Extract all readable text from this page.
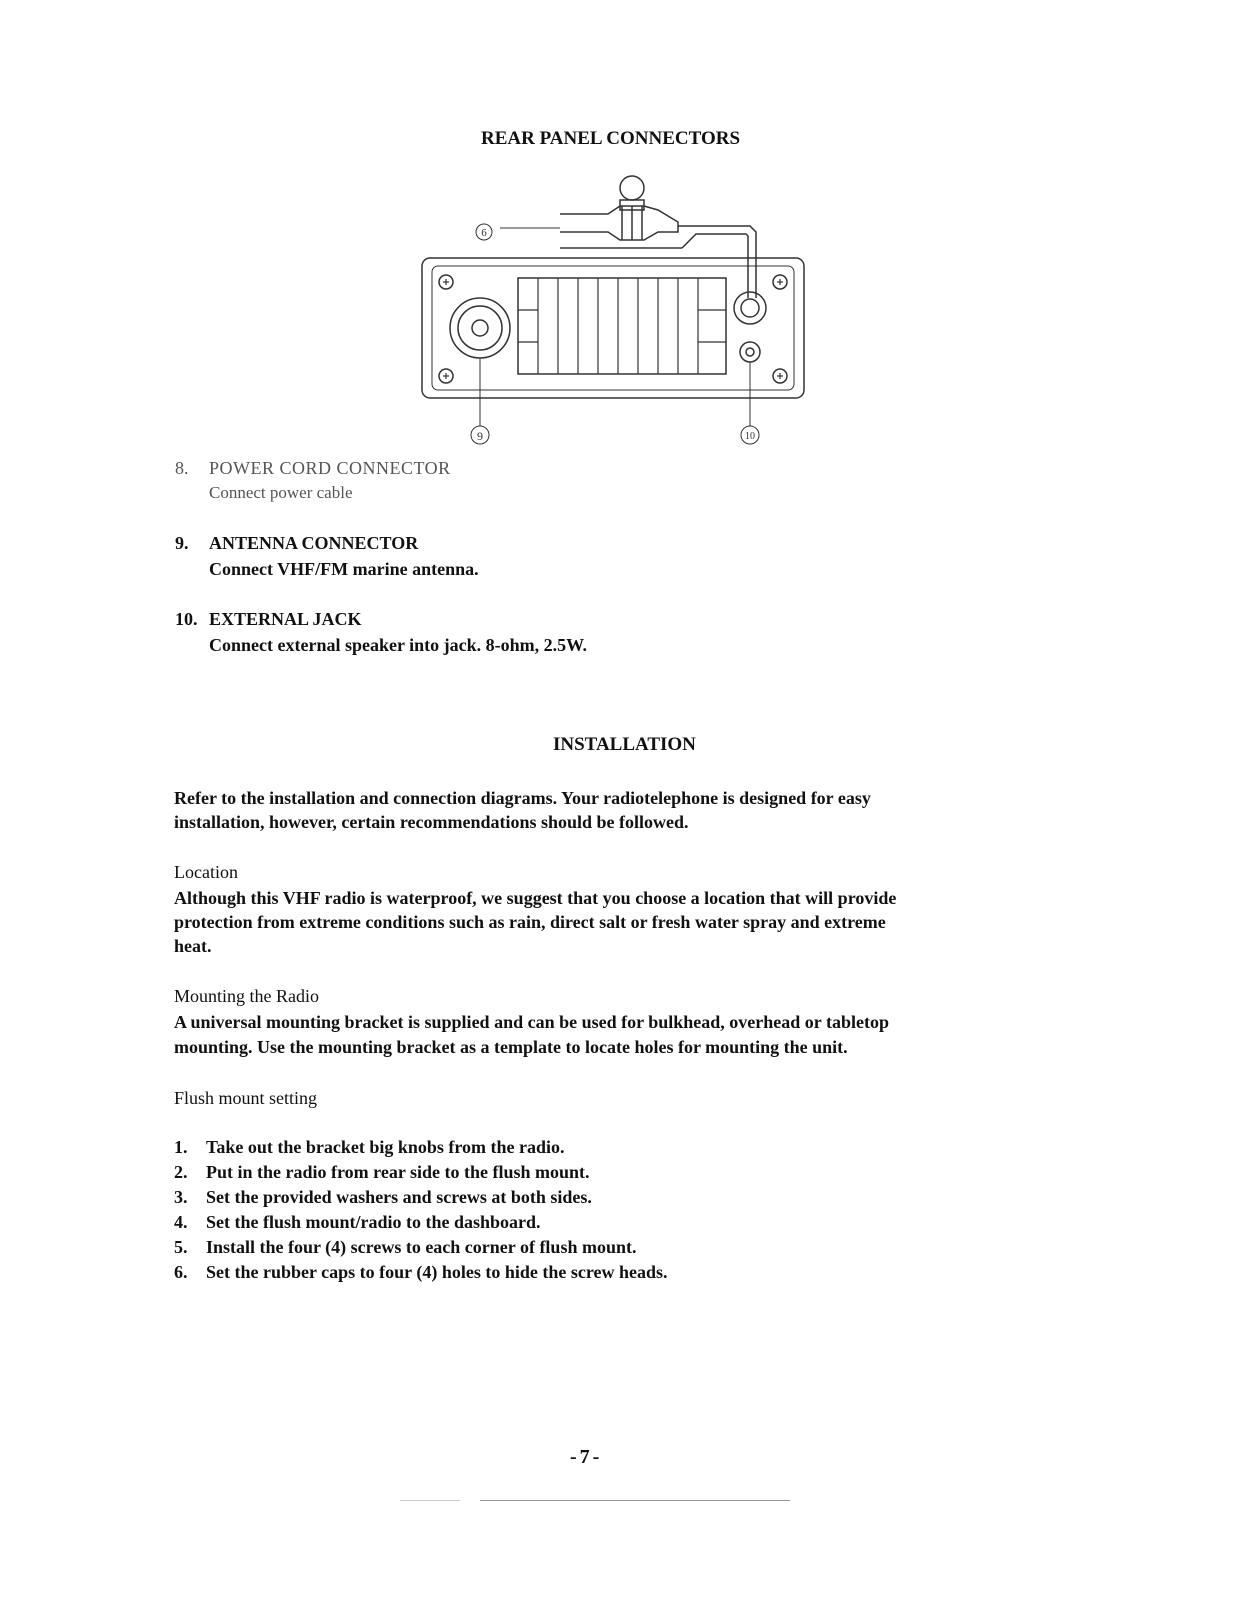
REAR PANEL CONNECTORS
6
9	10
8. POWER CORD CONNECTOR
Connect power cable
9. ANTENNA CONNECTOR
Connect VHF/FM marine antenna.
10. EXTERNAL JACK
Connect external speaker into jack. 8-ohm, 2.5W.
INSTALLATION
Refer to the installation and connection diagrams. Your radiotelephone is designed for easy
installation, however, certain recommendations should be followed.
Location
Although this VHF radio is waterproof, we suggest that you choose a location that will provide
protection from extreme conditions such as rain, direct salt or fresh water spray and extreme
heat.
Mounting the Radio
A universal mounting bracket is supplied and can be used for bulkhead, overhead or tabletop
mounting. Use the mounting bracket as a template to locate holes for mounting the unit.
Flush mount setting
1. Take out the bracket big knobs from the radio.
2. Put in the radio from rear side to the flush mount.
3. Set the provided washers and screws at both sides.
4. Set the flush mount/radio to the dashboard.
5. Install the four (4) screws to each corner of flush mount.
6. Set the rubber caps to four (4) holes to hide the screw heads.
-7-
